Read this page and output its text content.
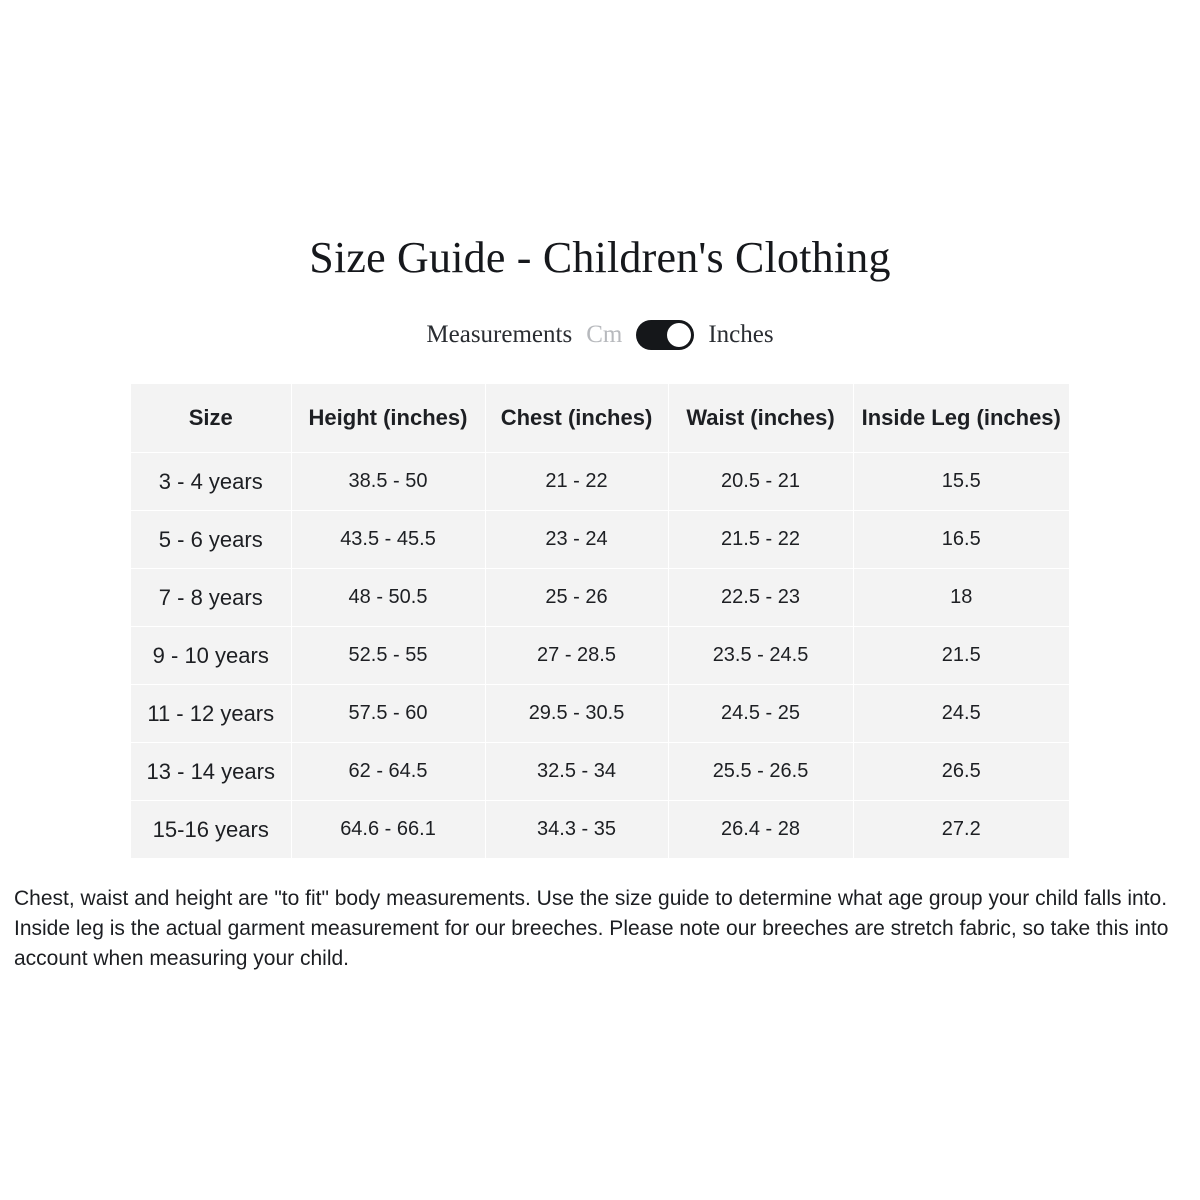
Size Guide - Children's Clothing
Measurements Cm	Inches
Size	Height (inches)	Chest (inches)	Waist (inches)	Inside Leg (inches)
3 - 4 years	38.5 - 50	21 - 22	20.5 - 21	15.5
5 - 6 years	43.5 - 45.5	23 - 24	21.5 - 22	16.5
7 - 8 years	48 - 50.5	25 - 26	22.5 - 23	18
9 - 10 years	52.5 - 55	27 - 28.5	23.5 - 24.5	21.5
11 - 12 years	57.5 - 60	29.5 - 30.5	24.5 - 25	24.5
13 - 14 years	62 - 64.5	32.5 - 34	25.5 - 26.5	26.5
15-16 years	64.6 - 66.1	34.3 - 35	26.4 - 28	27.2
Chest, waist and height are "to fit" body measurements. Use the size guide to determine what age group your child falls into. Inside leg is the actual garment measurement for our breeches. Please note our breeches are stretch fabric, so take this into account when measuring your child.
